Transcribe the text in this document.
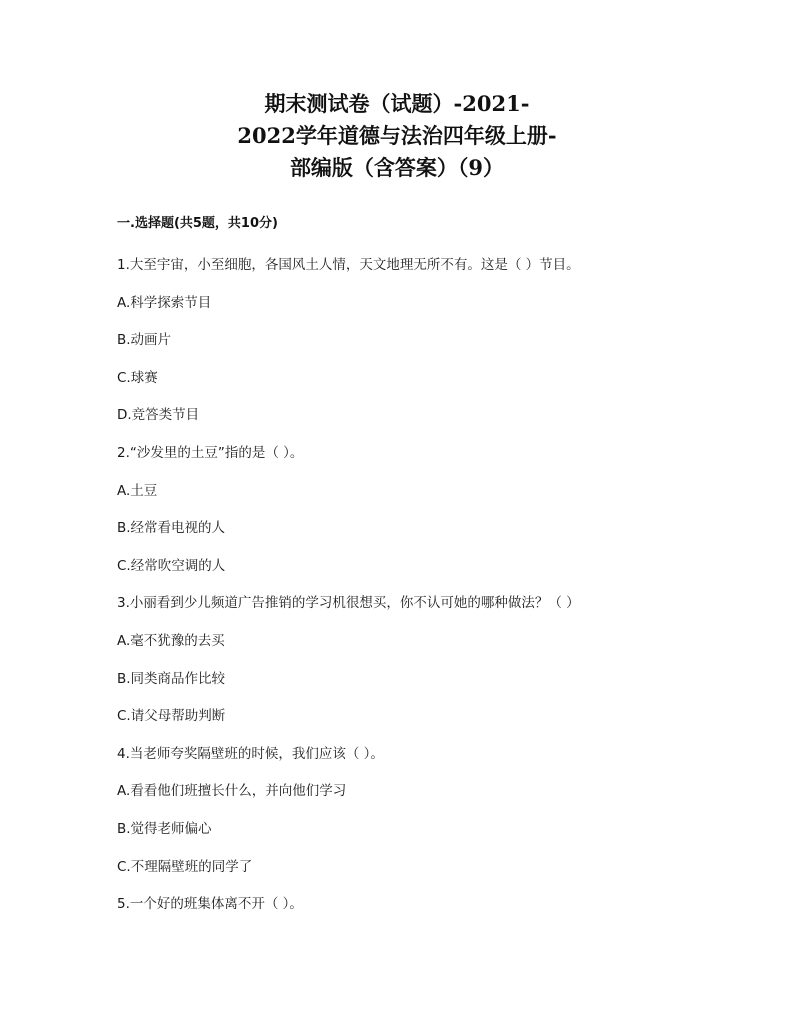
期末测试卷（试题）-2021-
2022学年道德与法治四年级上册-
部编版（含答案）（9）
一.选择题(共5题，共10分)
1.大至宇宙，小至细胞，各国风土人情，天文地理无所不有。这是（ ）节目。
A.科学探索节目
B.动画片
C.球赛
D.竞答类节目
2.“沙发里的土豆”指的是（ ）。
A.土豆
B.经常看电视的人
C.经常吹空调的人
3.小丽看到少儿频道广告推销的学习机很想买，你不认可她的哪种做法？（ ）
A.毫不犹豫的去买
B.同类商品作比较
C.请父母帮助判断
4.当老师夸奖隔壁班的时候，我们应该（ ）。
A.看看他们班擅长什么，并向他们学习
B.觉得老师偏心
C.不理隔壁班的同学了
5.一个好的班集体离不开（ ）。
